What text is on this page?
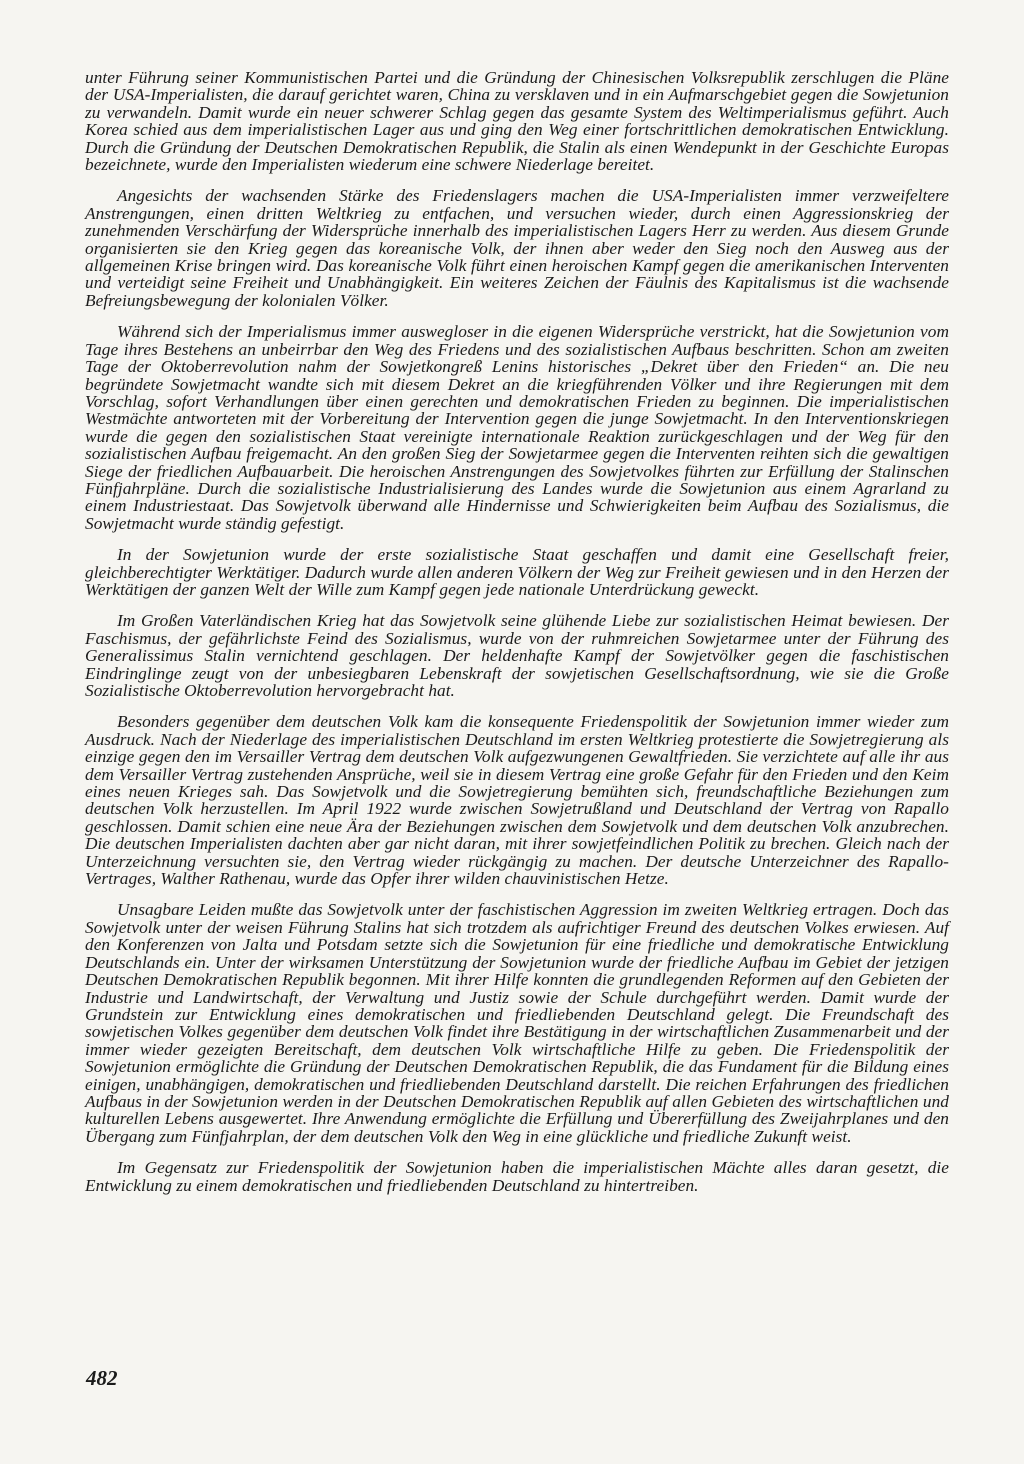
unter Führung seiner Kommunistischen Partei und die Gründung der Chinesischen Volksrepublik zerschlugen die Pläne der USA-Imperialisten, die darauf gerichtet waren, China zu versklaven und in ein Aufmarschgebiet gegen die Sowjetunion zu verwandeln. Damit wurde ein neuer schwerer Schlag gegen das gesamte System des Weltimperialismus geführt. Auch Korea schied aus dem imperialistischen Lager aus und ging den Weg einer fortschrittlichen demokratischen Entwicklung. Durch die Gründung der Deutschen Demokratischen Republik, die Stalin als einen Wendepunkt in der Geschichte Europas bezeichnete, wurde den Imperialisten wiederum eine schwere Niederlage bereitet.

Angesichts der wachsenden Stärke des Friedenslagers machen die USA-Imperialisten immer verzweifeltere Anstrengungen, einen dritten Weltkrieg zu entfachen, und versuchen wieder, durch einen Aggressionskrieg der zunehmenden Verschärfung der Widersprüche innerhalb des imperialistischen Lagers Herr zu werden. Aus diesem Grunde organisierten sie den Krieg gegen das koreanische Volk, der ihnen aber weder den Sieg noch den Ausweg aus der allgemeinen Krise bringen wird. Das koreanische Volk führt einen heroischen Kampf gegen die amerikanischen Interventen und verteidigt seine Freiheit und Unabhängigkeit. Ein weiteres Zeichen der Fäulnis des Kapitalismus ist die wachsende Befreiungsbewegung der kolonialen Völker.

Während sich der Imperialismus immer auswegloser in die eigenen Widersprüche verstrickt, hat die Sowjetunion vom Tage ihres Bestehens an unbeirrbar den Weg des Friedens und des sozialistischen Aufbaus beschritten. Schon am zweiten Tage der Oktoberrevolution nahm der Sowjetkongreß Lenins historisches „Dekret über den Frieden“ an. Die neu begründete Sowjetmacht wandte sich mit diesem Dekret an die kriegführenden Völker und ihre Regierungen mit dem Vorschlag, sofort Verhandlungen über einen gerechten und demokratischen Frieden zu beginnen. Die imperialistischen Westmächte antworteten mit der Vorbereitung der Intervention gegen die junge Sowjetmacht. In den Interventionskriegen wurde die gegen den sozialistischen Staat vereinigte internationale Reaktion zurückgeschlagen und der Weg für den sozialistischen Aufbau freigemacht. An den großen Sieg der Sowjetarmee gegen die Interventen reihten sich die gewaltigen Siege der friedlichen Aufbauarbeit. Die heroischen Anstrengungen des Sowjetvolkes führten zur Erfüllung der Stalinschen Fünfjahrpläne. Durch die sozialistische Industrialisierung des Landes wurde die Sowjetunion aus einem Agrarland zu einem Industriestaat. Das Sowjetvolk überwand alle Hindernisse und Schwierigkeiten beim Aufbau des Sozialismus, die Sowjetmacht wurde ständig gefestigt.

In der Sowjetunion wurde der erste sozialistische Staat geschaffen und damit eine Gesellschaft freier, gleichberechtigter Werktätiger. Dadurch wurde allen anderen Völkern der Weg zur Freiheit gewiesen und in den Herzen der Werktätigen der ganzen Welt der Wille zum Kampf gegen jede nationale Unterdrückung geweckt.

Im Großen Vaterländischen Krieg hat das Sowjetvolk seine glühende Liebe zur sozialistischen Heimat bewiesen. Der Faschismus, der gefährlichste Feind des Sozialismus, wurde von der ruhmreichen Sowjetarmee unter der Führung des Generalissimus Stalin vernichtend geschlagen. Der heldenhafte Kampf der Sowjetvölker gegen die faschistischen Eindringlinge zeugt von der unbesiegbaren Lebenskraft der sowjetischen Gesellschaftsordnung, wie sie die Große Sozialistische Oktoberrevolution hervorgebracht hat.

Besonders gegenüber dem deutschen Volk kam die konsequente Friedenspolitik der Sowjetunion immer wieder zum Ausdruck. Nach der Niederlage des imperialistischen Deutschland im ersten Weltkrieg protestierte die Sowjetregierung als einzige gegen den im Versailler Vertrag dem deutschen Volk aufgezwungenen Gewaltfrieden. Sie verzichtete auf alle ihr aus dem Versailler Vertrag zustehenden Ansprüche, weil sie in diesem Vertrag eine große Gefahr für den Frieden und den Keim eines neuen Krieges sah. Das Sowjetvolk und die Sowjetregierung bemühten sich, freundschaftliche Beziehungen zum deutschen Volk herzustellen. Im April 1922 wurde zwischen Sowjetrußland und Deutschland der Vertrag von Rapallo geschlossen. Damit schien eine neue Ära der Beziehungen zwischen dem Sowjetvolk und dem deutschen Volk anzubrechen. Die deutschen Imperialisten dachten aber gar nicht daran, mit ihrer sowjetfeindlichen Politik zu brechen. Gleich nach der Unterzeichnung versuchten sie, den Vertrag wieder rückgängig zu machen. Der deutsche Unterzeichner des Rapallo-Vertrages, Walther Rathenau, wurde das Opfer ihrer wilden chauvinistischen Hetze.

Unsagbare Leiden mußte das Sowjetvolk unter der faschistischen Aggression im zweiten Weltkrieg ertragen. Doch das Sowjetvolk unter der weisen Führung Stalins hat sich trotzdem als aufrichtiger Freund des deutschen Volkes erwiesen. Auf den Konferenzen von Jalta und Potsdam setzte sich die Sowjetunion für eine friedliche und demokratische Entwicklung Deutschlands ein. Unter der wirksamen Unterstützung der Sowjetunion wurde der friedliche Aufbau im Gebiet der jetzigen Deutschen Demokratischen Republik begonnen. Mit ihrer Hilfe konnten die grundlegenden Reformen auf den Gebieten der Industrie und Landwirtschaft, der Verwaltung und Justiz sowie der Schule durchgeführt werden. Damit wurde der Grundstein zur Entwicklung eines demokratischen und friedliebenden Deutschland gelegt. Die Freundschaft des sowjetischen Volkes gegenüber dem deutschen Volk findet ihre Bestätigung in der wirtschaftlichen Zusammenarbeit und der immer wieder gezeigten Bereitschaft, dem deutschen Volk wirtschaftliche Hilfe zu geben. Die Friedenspolitik der Sowjetunion ermöglichte die Gründung der Deutschen Demokratischen Republik, die das Fundament für die Bildung eines einigen, unabhängigen, demokratischen und friedliebenden Deutschland darstellt. Die reichen Erfahrungen des friedlichen Aufbaus in der Sowjetunion werden in der Deutschen Demokratischen Republik auf allen Gebieten des wirtschaftlichen und kulturellen Lebens ausgewertet. Ihre Anwendung ermöglichte die Erfüllung und Übererfüllung des Zweijahrplanes und den Übergang zum Fünfjahrplan, der dem deutschen Volk den Weg in eine glückliche und friedliche Zukunft weist.

Im Gegensatz zur Friedenspolitik der Sowjetunion haben die imperialistischen Mächte alles daran gesetzt, die Entwicklung zu einem demokratischen und friedliebenden Deutschland zu hintertreiben.

482
